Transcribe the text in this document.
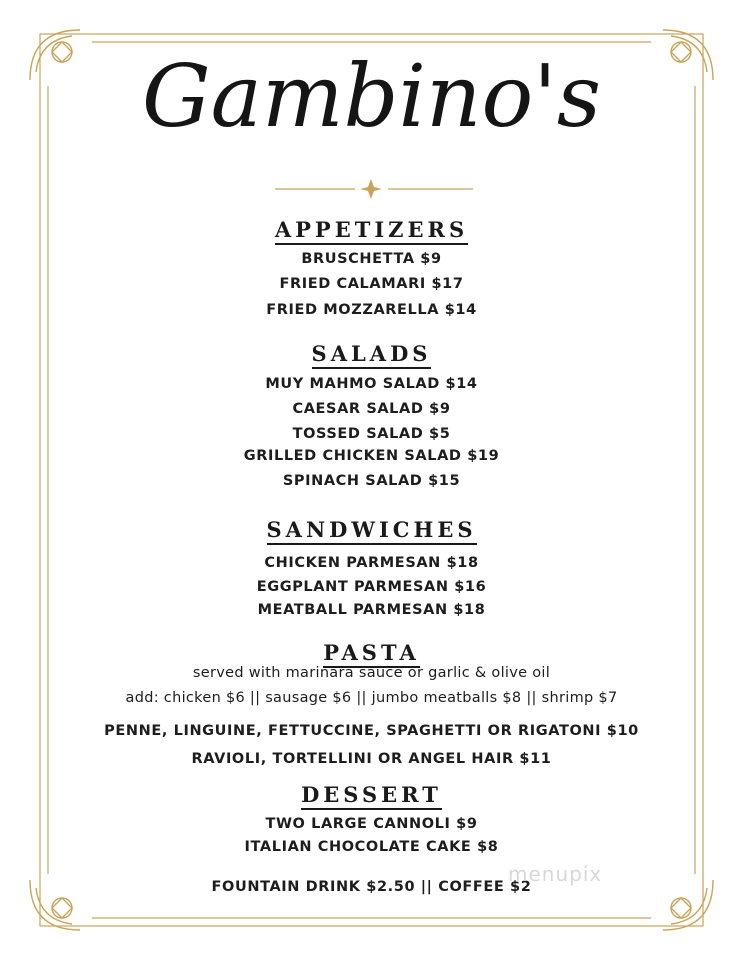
Gambino's
APPETIZERS
BRUSCHETTA $9
FRIED CALAMARI $17
FRIED MOZZARELLA $14
SALADS
MUY MAHMO SALAD $14
CAESAR SALAD $9
TOSSED SALAD $5
GRILLED CHICKEN SALAD $19
SPINACH SALAD $15
SANDWICHES
CHICKEN PARMESAN $18
EGGPLANT PARMESAN $16
MEATBALL PARMESAN $18
PASTA
served with marinara sauce or garlic & olive oil
add: chicken $6 || sausage $6 || jumbo meatballs $8 || shrimp $7
PENNE, LINGUINE, FETTUCCINE, SPAGHETTI OR RIGATONI $10
RAVIOLI, TORTELLINI OR ANGEL HAIR $11
DESSERT
TWO LARGE CANNOLI $9
ITALIAN CHOCOLATE CAKE $8
FOUNTAIN DRINK $2.50 || COFFEE $2
menupix
